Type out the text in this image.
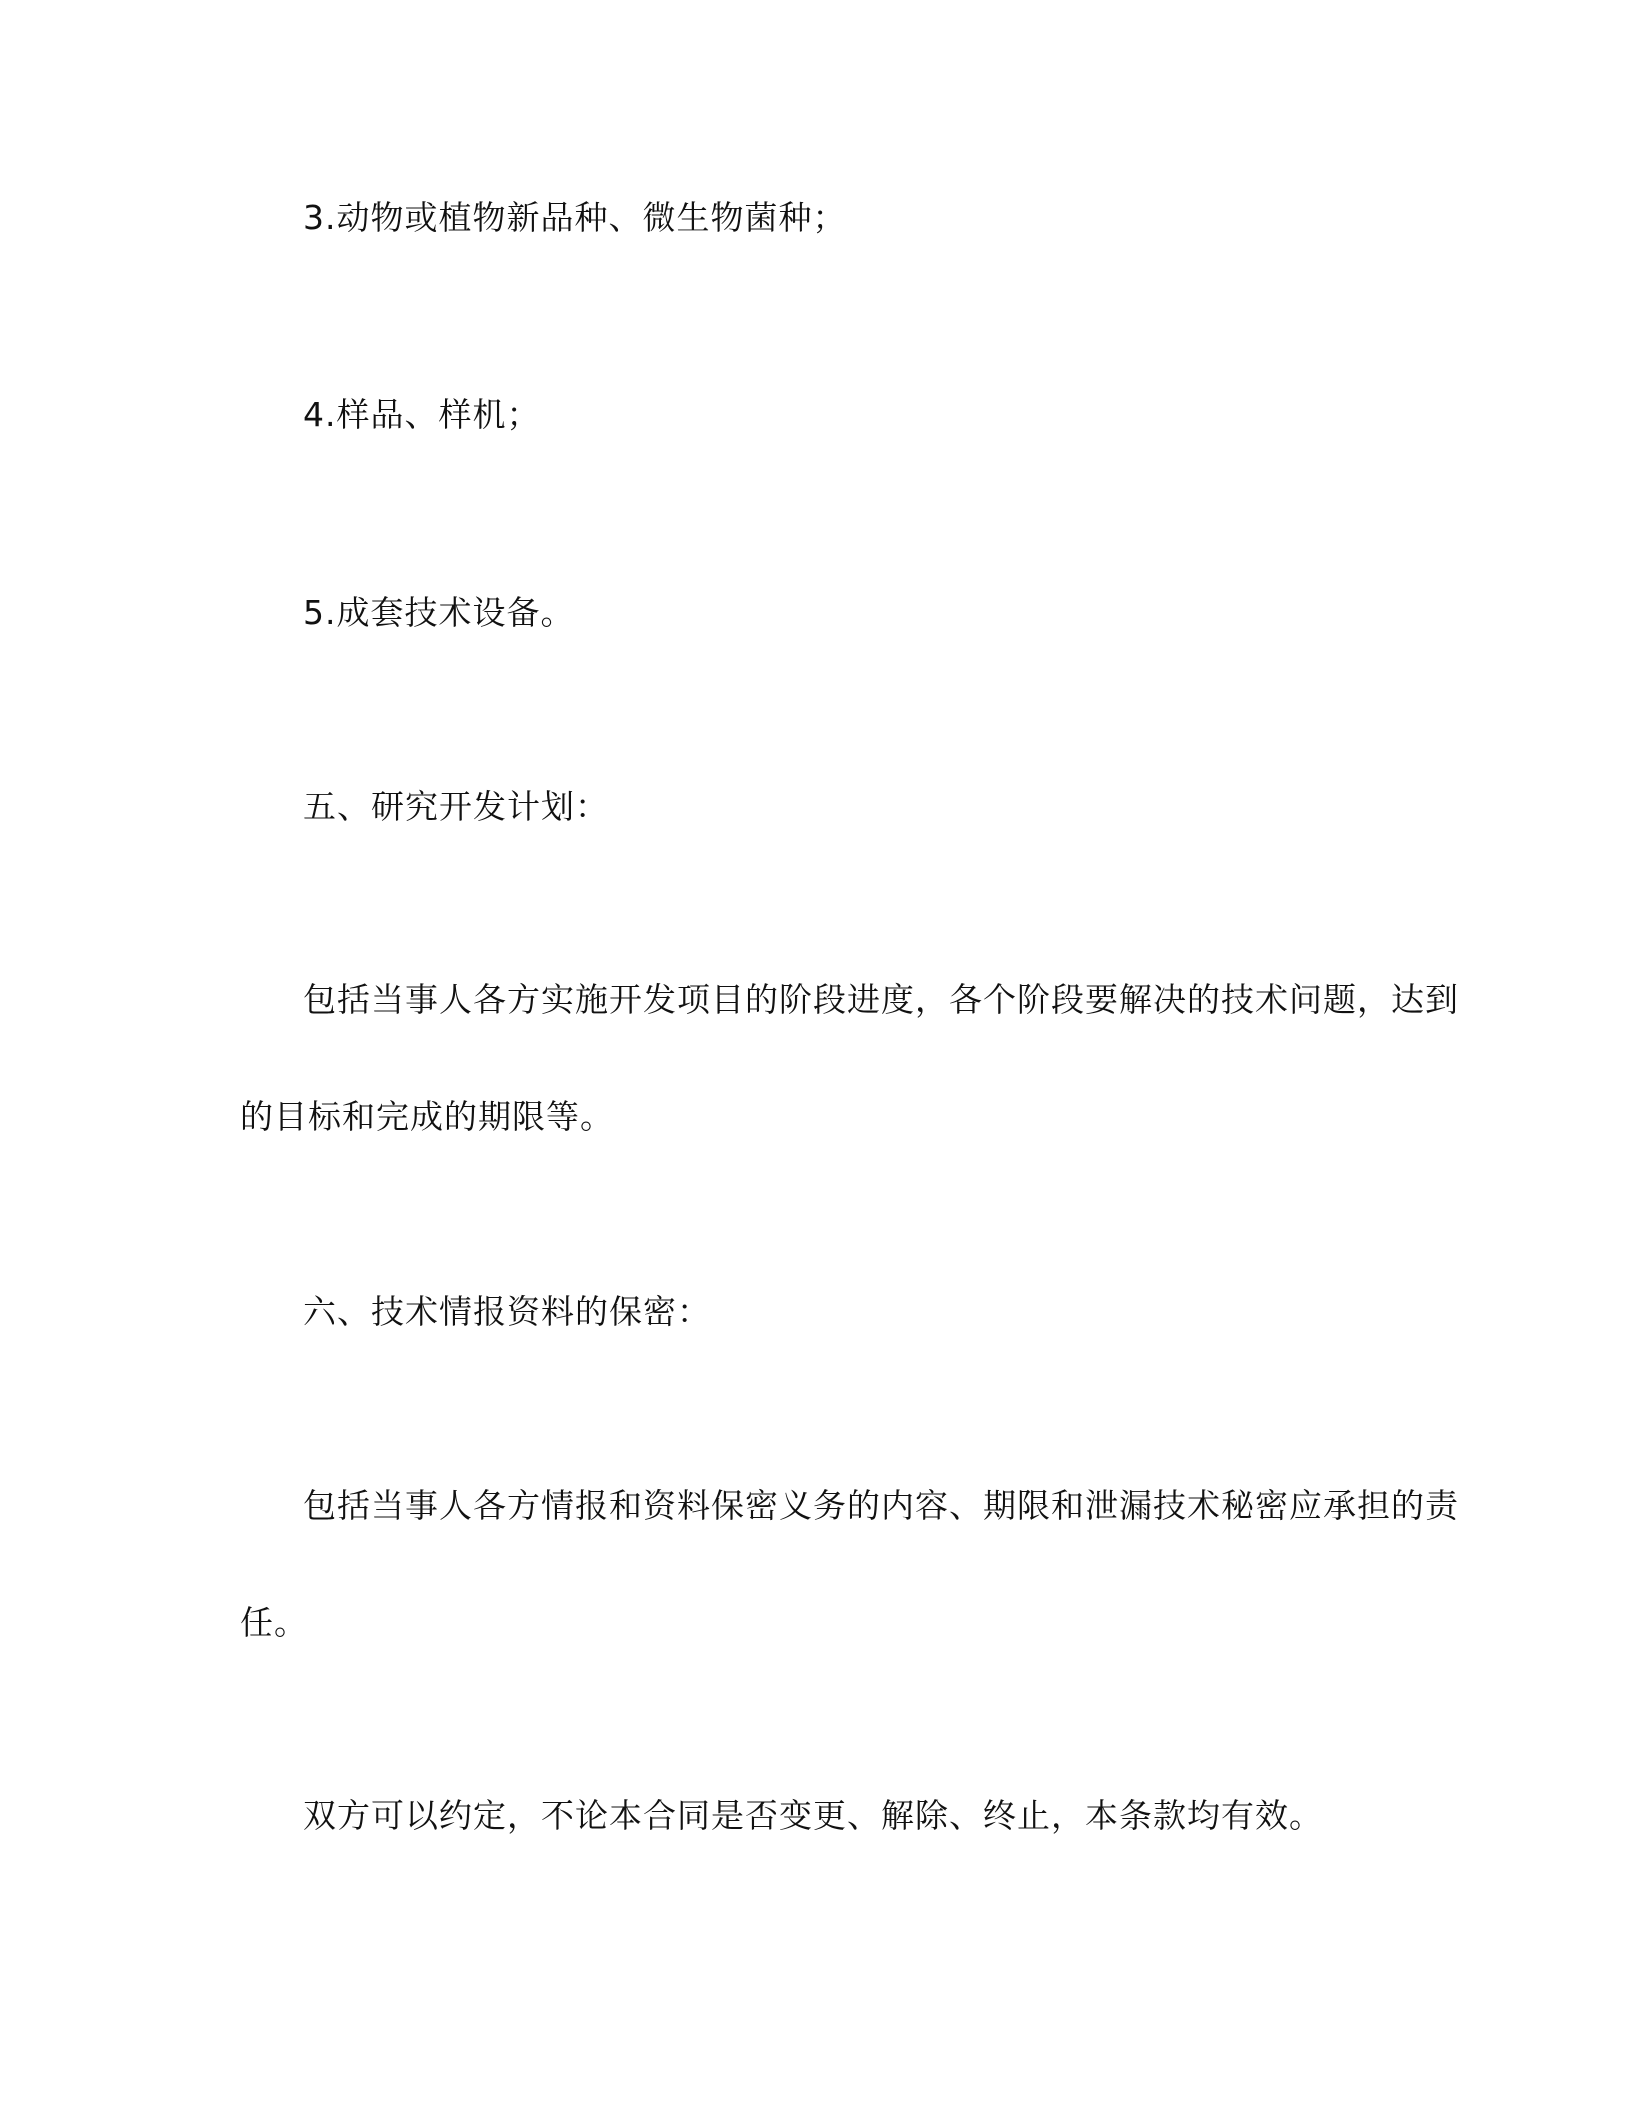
3.动物或植物新品种、微生物菌种；
4.样品、样机；
5.成套技术设备。
五、研究开发计划：
包括当事人各方实施开发项目的阶段进度，各个阶段要解决的技术问题，达到
的目标和完成的期限等。
六、技术情报资料的保密：
包括当事人各方情报和资料保密义务的内容、期限和泄漏技术秘密应承担的责
任。
双方可以约定，不论本合同是否变更、解除、终止，本条款均有效。
